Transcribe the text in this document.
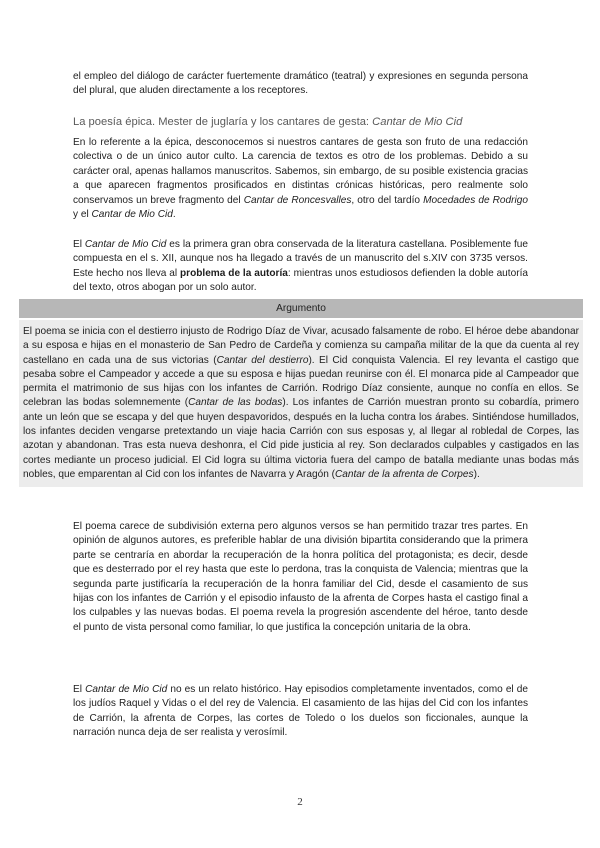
el empleo del diálogo de carácter fuertemente dramático (teatral) y expresiones en segunda persona del plural, que aluden directamente a los receptores.

La poesía épica. Mester de juglaría y los cantares de gesta: Cantar de Mio Cid

En lo referente a la épica, desconocemos si nuestros cantares de gesta son fruto de una redacción colectiva o de un único autor culto. La carencia de textos es otro de los problemas. Debido a su carácter oral, apenas hallamos manuscritos. Sabemos, sin embargo, de su posible existencia gracias a que aparecen fragmentos prosificados en distintas crónicas históricas, pero realmente solo conservamos un breve fragmento del Cantar de Roncesvalles, otro del tardío Mocedades de Rodrigo y el Cantar de Mio Cid.

El Cantar de Mio Cid es la primera gran obra conservada de la literatura castellana. Posiblemente fue compuesta en el s. XII, aunque nos ha llegado a través de un manuscrito del s.XIV con 3735 versos. Este hecho nos lleva al problema de la autoría: mientras unos estudiosos defienden la doble autoría del texto, otros abogan por un solo autor.

Argumento

El poema se inicia con el destierro injusto de Rodrigo Díaz de Vivar, acusado falsamente de robo. El héroe debe abandonar a su esposa e hijas en el monasterio de San Pedro de Cardeña y comienza su campaña militar de la que da cuenta al rey castellano en cada una de sus victorias (Cantar del destierro). El Cid conquista Valencia. El rey levanta el castigo que pesaba sobre el Campeador y accede a que su esposa e hijas puedan reunirse con él. El monarca pide al Campeador que permita el matrimonio de sus hijas con los infantes de Carrión. Rodrigo Díaz consiente, aunque no confía en ellos. Se celebran las bodas solemnemente (Cantar de las bodas). Los infantes de Carrión muestran pronto su cobardía, primero ante un león que se escapa y del que huyen despavoridos, después en la lucha contra los árabes. Sintiéndose humillados, los infantes deciden vengarse pretextando un viaje hacia Carrión con sus esposas y, al llegar al robledal de Corpes, las azotan y abandonan. Tras esta nueva deshonra, el Cid pide justicia al rey. Son declarados culpables y castigados en las cortes mediante un proceso judicial. El Cid logra su última victoria fuera del campo de batalla mediante unas bodas más nobles, que emparentan al Cid con los infantes de Navarra y Aragón (Cantar de la afrenta de Corpes).

El poema carece de subdivisión externa pero algunos versos se han permitido trazar tres partes. En opinión de algunos autores, es preferible hablar de una división bipartita considerando que la primera parte se centraría en abordar la recuperación de la honra política del protagonista; es decir, desde que es desterrado por el rey hasta que este lo perdona, tras la conquista de Valencia; mientras que la segunda parte justificaría la recuperación de la honra familiar del Cid, desde el casamiento de sus hijas con los infantes de Carrión y el episodio infausto de la afrenta de Corpes hasta el castigo final a los culpables y las nuevas bodas. El poema revela la progresión ascendente del héroe, tanto desde el punto de vista personal como familiar, lo que justifica la concepción unitaria de la obra.

El Cantar de Mio Cid no es un relato histórico. Hay episodios completamente inventados, como el de los judíos Raquel y Vidas o el del rey de Valencia. El casamiento de las hijas del Cid con los infantes de Carrión, la afrenta de Corpes, las cortes de Toledo o los duelos son ficcionales, aunque la narración nunca deja de ser realista y verosímil.

2
